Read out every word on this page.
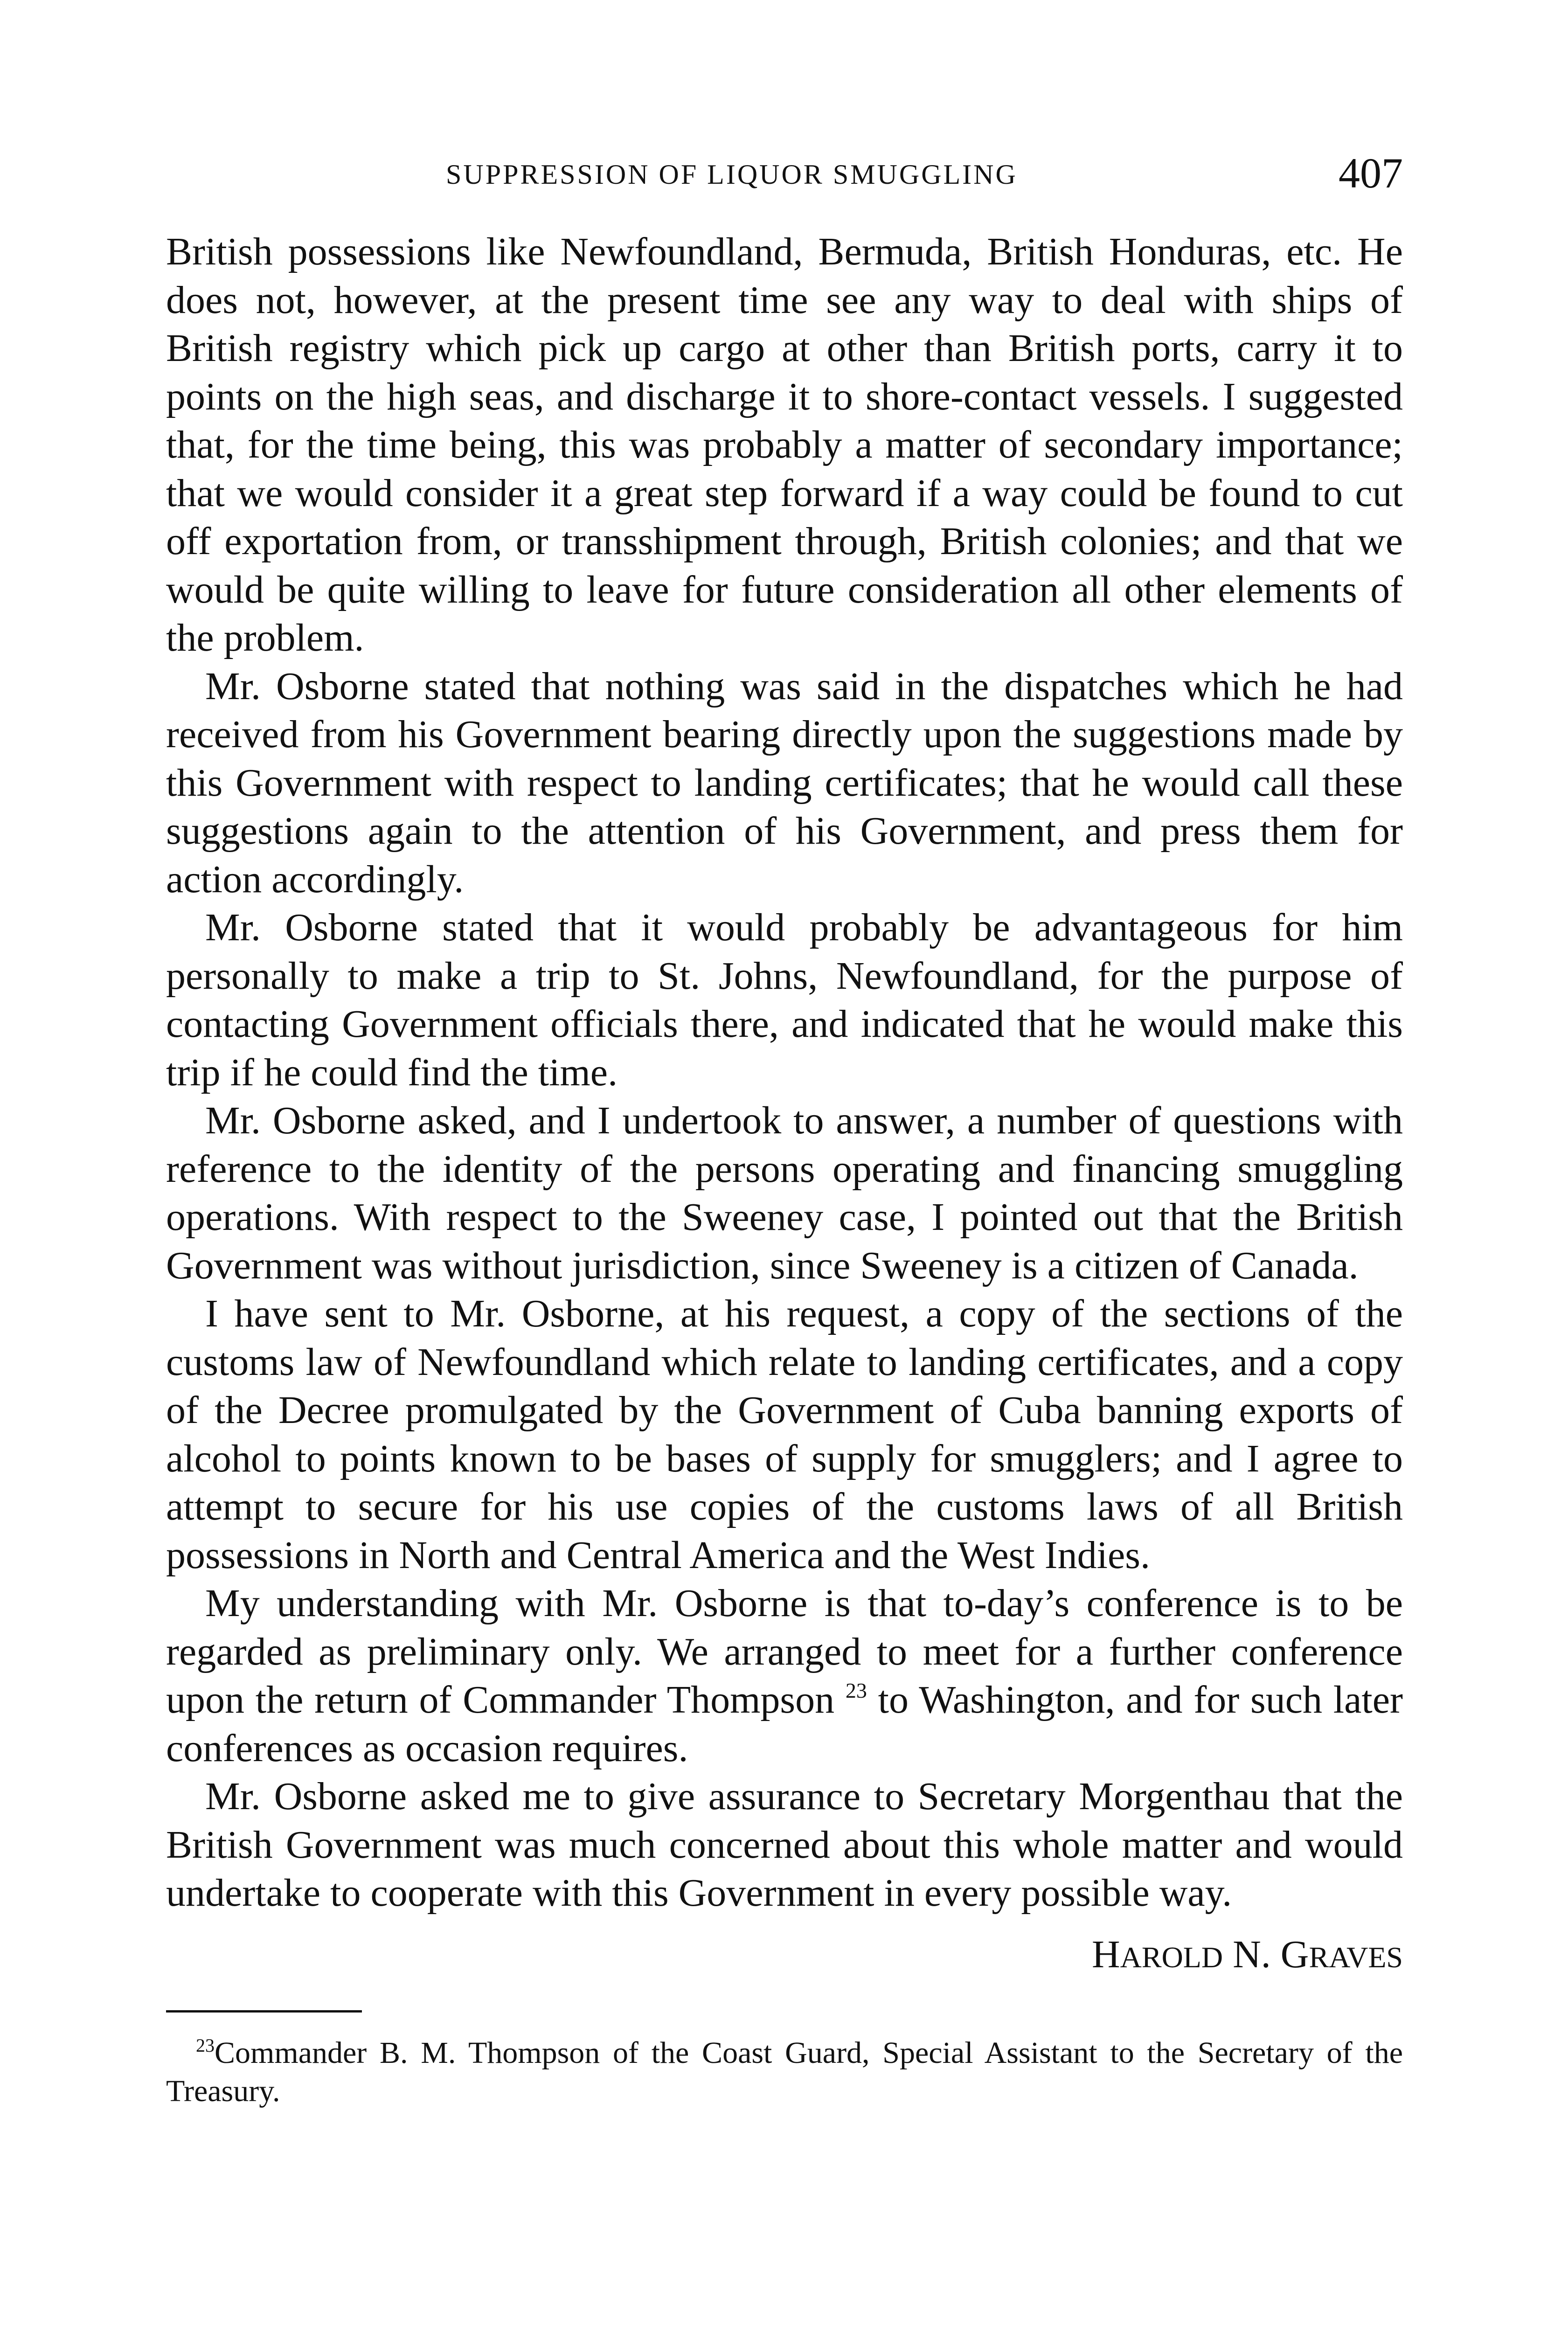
SUPPRESSION OF LIQUOR SMUGGLING	407

British possessions like Newfoundland, Bermuda, British Honduras, etc. He does not, however, at the present time see any way to deal with ships of British registry which pick up cargo at other than British ports, carry it to points on the high seas, and discharge it to shore-contact vessels. I suggested that, for the time being, this was probably a matter of secondary importance; that we would consider it a great step forward if a way could be found to cut off exportation from, or transshipment through, British colonies; and that we would be quite willing to leave for future consideration all other elements of the problem.

Mr. Osborne stated that nothing was said in the dispatches which he had received from his Government bearing directly upon the suggestions made by this Government with respect to landing certificates; that he would call these suggestions again to the attention of his Government, and press them for action accordingly.

Mr. Osborne stated that it would probably be advantageous for him personally to make a trip to St. Johns, Newfoundland, for the purpose of contacting Government officials there, and indicated that he would make this trip if he could find the time.

Mr. Osborne asked, and I undertook to answer, a number of questions with reference to the identity of the persons operating and financing smuggling operations. With respect to the Sweeney case, I pointed out that the British Government was without jurisdiction, since Sweeney is a citizen of Canada.

I have sent to Mr. Osborne, at his request, a copy of the sections of the customs law of Newfoundland which relate to landing certificates, and a copy of the Decree promulgated by the Government of Cuba banning exports of alcohol to points known to be bases of supply for smugglers; and I agree to attempt to secure for his use copies of the customs laws of all British possessions in North and Central America and the West Indies.

My understanding with Mr. Osborne is that to-day’s conference is to be regarded as preliminary only. We arranged to meet for a further conference upon the return of Commander Thompson $^{23}$ to Washington, and for such later conferences as occasion requires.

Mr. Osborne asked me to give assurance to Secretary Morgenthau that the British Government was much concerned about this whole matter and would undertake to cooperate with this Government in every possible way.

HAROLD N. GRAVES
$^{23}$Commander B. M. Thompson of the Coast Guard, Special Assistant to the Secretary of the Treasury.
